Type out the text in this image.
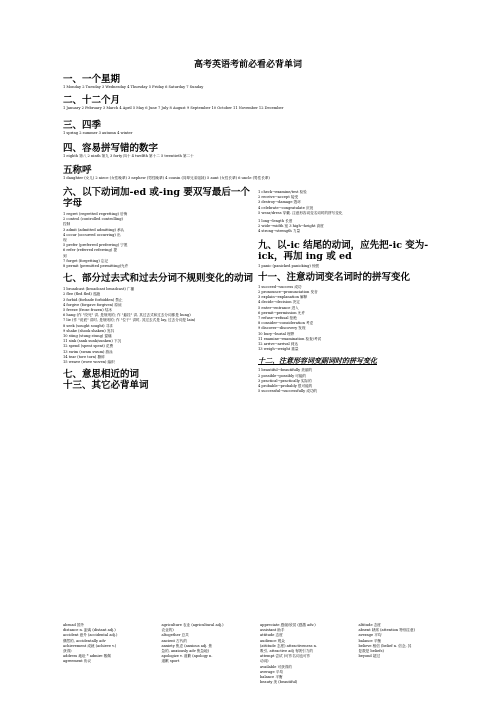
高考英语考前必看必背单词
一、一个星期
1 Monday 2 Tuesday 3 Wednesday 4 Thursday 5 Friday 6 Saturday 7 Sunday
二、十二个月
1 January 2 February 3 March 4 April 5 May 6 June 7 July 8 August 9 September 10 October 11 November 12 December
三、四季
1 spring 2 summer 3 autumn 4 winter
四、容易拼写错的数字
1 eighth 第八 2 ninth 第九 3 forty 四十 4 twelfth 第十二 5 twentieth 第二十
五称呼
1 daughter (女儿) 2 niece (女性晚辈) 3 nephew (男性晚辈) 4 cousin (同辈兄弟姐妹) 5 aunt (女性长辈) 6 uncle (男性长辈)
六、以下动词加-ed 或-ing 要双写最后一个字母
1 regret (regretted regretting) 后悔
2 control (controlled controlling)
控制
3 admit (admitted admitting) 承认
4 occur (occurred occurring) 出
现
5 prefer (preferred preferring) 宁愿
6 refer (referred referring) 提
到
7 forget (forgetting) 忘记
8 permit (permitted permitting)允许
七、部分过去式和过去分词不规则变化的动词
1 broadcast (broadcast broadcast) 广播
2 flee (fled fled) 逃跑
3 forbid (forbade forbidden) 禁止
4 forgive (forgave forgiven) 原谅
5 freeze (froze frozen) 结冰
6 hang (作 "绞死" 讲, 是规则的; 作 "悬挂" 讲, 其过去式和过去分词都是 hung)
7 lie (作 "说谎" 讲时, 是规则的; 作 "位于" 讲时, 其过去式是 lay, 过去分词是 lain)
8 seek (sought sought) 寻求
9 shake (shook shaken) 发抖
10 sting (stung stung) 蜇痛
11 sink (sank sunk/sunken) 下沉
12 spend (spent spent) 花费
13 swim (swam swum) 游泳
14 tear (tore torn) 撕碎
15 weave (wove woven) 编织
七、意思相近的词
十三、其它必背单词
1 check→examine/test 检验
2 receive→accept 接受
3 destroy→damage 毁坏
4 celebrate→congratulate 庆祝
5 wear/dress 穿戴. 注意形容词变名词时的拼写变化
1 long→length 长度
2 wide→width 宽 3 high→height 高度
4 strong→strength 力量
九、以-ic 结尾的动词，应先把-ic 变为-ick，再加 ing 或 ed
1 panic (panicked panicking) 惊慌
十一、注意动词变名词时的拼写变化
1 succeed→success 成功
2 pronounce→pronunciation 发音
3 explain→explanation 解释
4 decide→decision 决定
5 enter→entrance 进入
6 permit→permission 允许
7 refuse→refusal 拒绝
8 consider→consideration 考虑
9 discover→discovery 发现
10 bury→burial 埋葬
11 examine→examination 检查/考试
12 arrive→arrival 到达
13 weigh→weight 重量
十二、注意形容词变副词时的拼写变化
1 beautiful→beautifully 美丽的
2 possible→possibly 可能的
3 practical→practically 实际的
4 probable→probably 很可能的
5 successful→successfully 成功的
abroad 国外
distance n. 距离 (distant adj.)
accident 意外 (accidental adj.)
偶然的, accidentally adv
achievement 成就 (achieve v.)
获得)
address 地址 * admire 敬佩
agreement 协议
agriculture 农业 (agricultural adj.)
农业的)
altogether 总共
ancient 古代的
anxiety 焦虑 (anxious adj. 焦
急的, anxiously adv 焦急地)
apologize v. 道歉 (apology n.
道歉 sport
appreciate 感谢/欣赏 (感激 adv.)
assistant 助手
attitude 态度
audience 观众
(attitude 态度) attractiveness n.
吸引, attractive adj 有吸引力的
attempt 尝试 (可作名词也可作
动词)
available 可获得的
average 平均
balance 平衡
beauty 美 (beautiful)
altitude 态度
absent 缺席 (attention 特别注意)
average 平均
balance 平衡
believe 相信 (belief n. 信念, 其
复数是 beliefs)
beyond 超过
